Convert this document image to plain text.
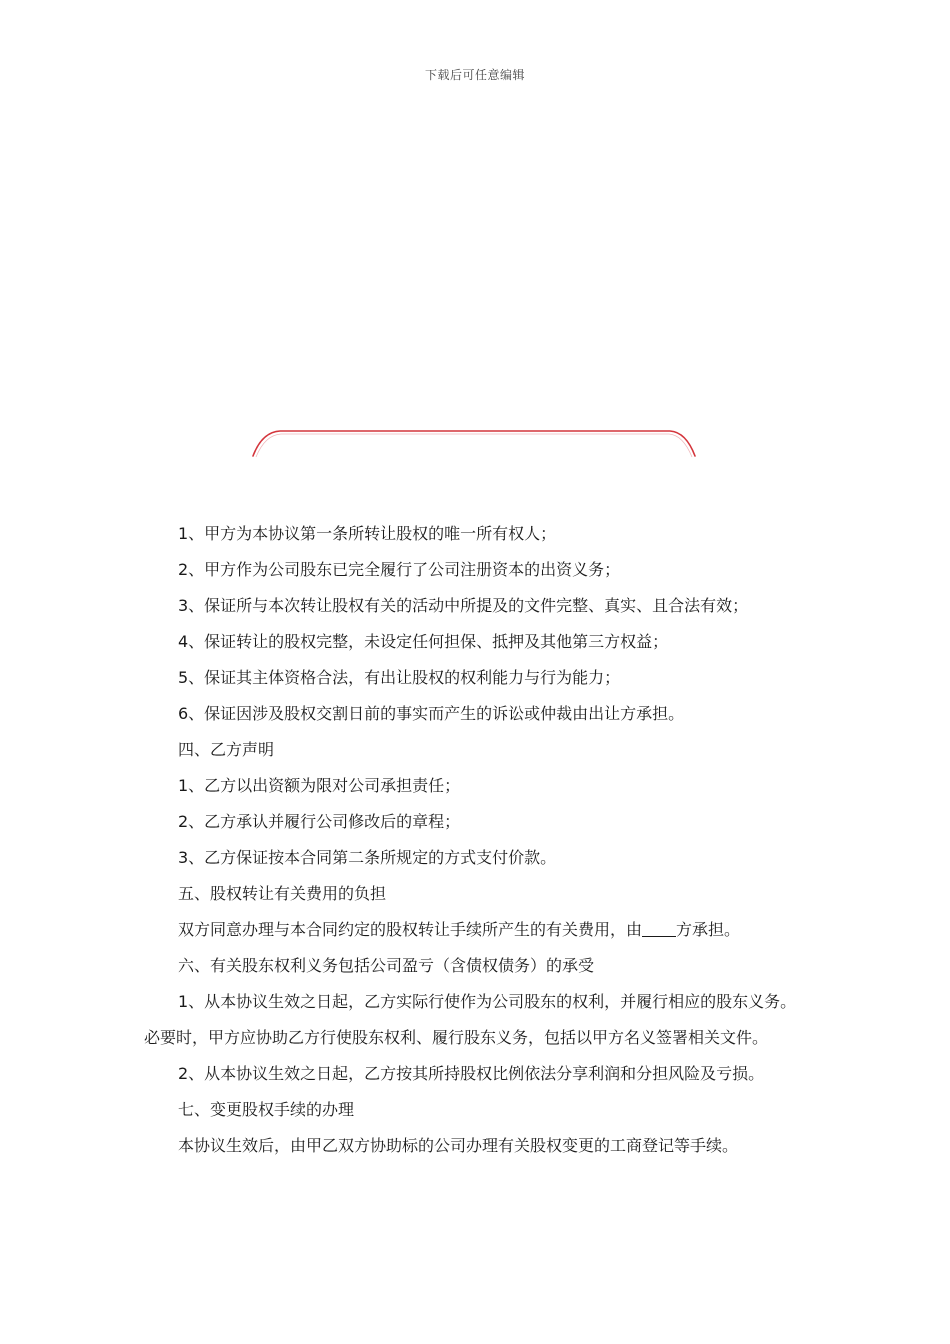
下载后可任意编辑

1、甲方为本协议第一条所转让股权的唯一所有权人；

2、甲方作为公司股东已完全履行了公司注册资本的出资义务；

3、保证所与本次转让股权有关的活动中所提及的文件完整、真实、且合法有效；

4、保证转让的股权完整，未设定任何担保、抵押及其他第三方权益；

5、保证其主体资格合法，有出让股权的权利能力与行为能力；

6、保证因涉及股权交割日前的事实而产生的诉讼或仲裁由出让方承担。

四、乙方声明

1、乙方以出资额为限对公司承担责任；

2、乙方承认并履行公司修改后的章程；

3、乙方保证按本合同第二条所规定的方式支付价款。

五、股权转让有关费用的负担

双方同意办理与本合同约定的股权转让手续所产生的有关费用，由 方承担。

六、有关股东权利义务包括公司盈亏（含债权债务）的承受

1、从本协议生效之日起，乙方实际行使作为公司股东的权利，并履行相应的股东义务。必要时，甲方应协助乙方行使股东权利、履行股东义务，包括以甲方名义签署相关文件。

2、从本协议生效之日起，乙方按其所持股权比例依法分享利润和分担风险及亏损。

七、变更股权手续的办理

本协议生效后，由甲乙双方协助标的公司办理有关股权变更的工商登记等手续。
